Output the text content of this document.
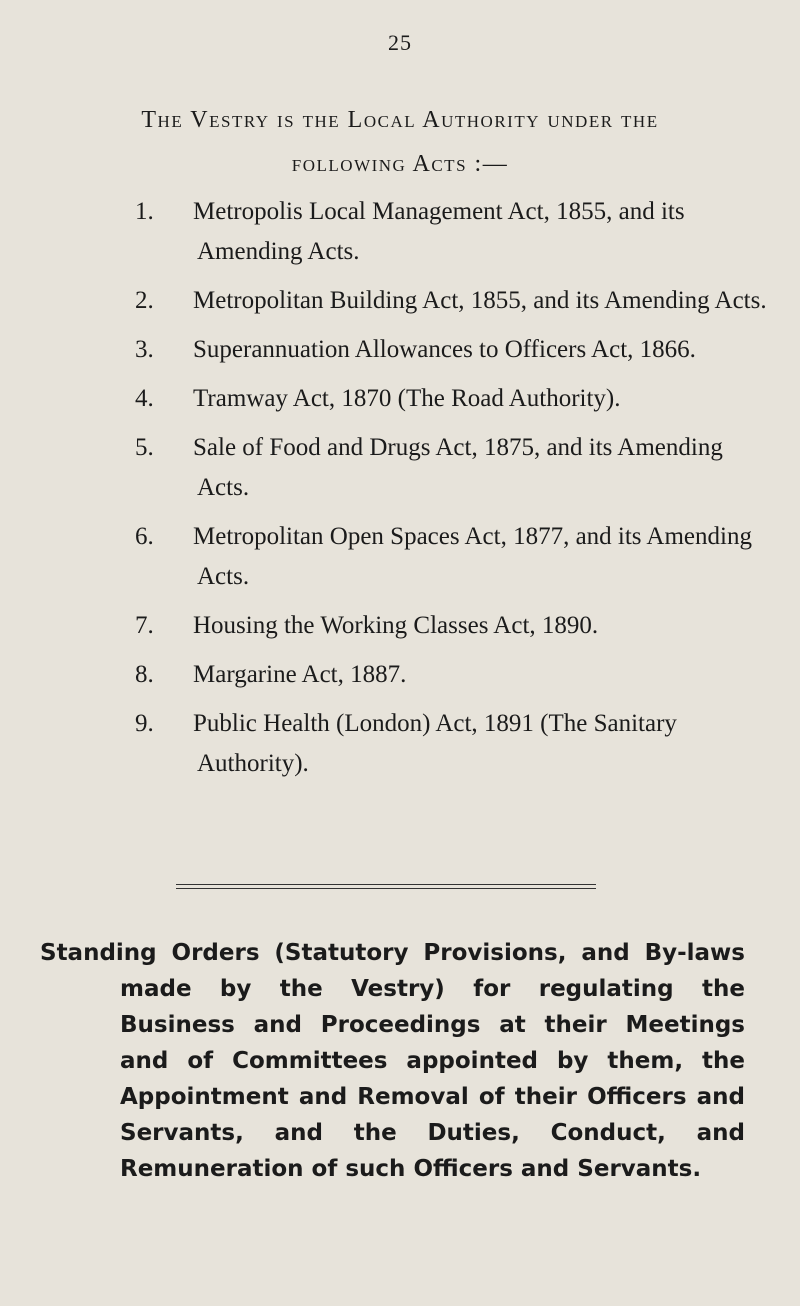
25
The Vestry is the Local Authority under the
following Acts :—
1. Metropolis Local Management Act, 1855, and its Amending Acts.
2. Metropolitan Building Act, 1855, and its Amending Acts.
3. Superannuation Allowances to Officers Act, 1866.
4. Tramway Act, 1870 (The Road Authority).
5. Sale of Food and Drugs Act, 1875, and its Amending Acts.
6. Metropolitan Open Spaces Act, 1877, and its Amending Acts.
7. Housing the Working Classes Act, 1890.
8. Margarine Act, 1887.
9. Public Health (London) Act, 1891 (The Sanitary Authority).
Standing Orders (Statutory Provisions, and By-laws made by the Vestry) for regulating the Business and Proceedings at their Meetings and of Committees appointed by them, the Appointment and Removal of their Officers and Servants, and the Duties, Conduct, and Remuneration of such Officers and Servants.
